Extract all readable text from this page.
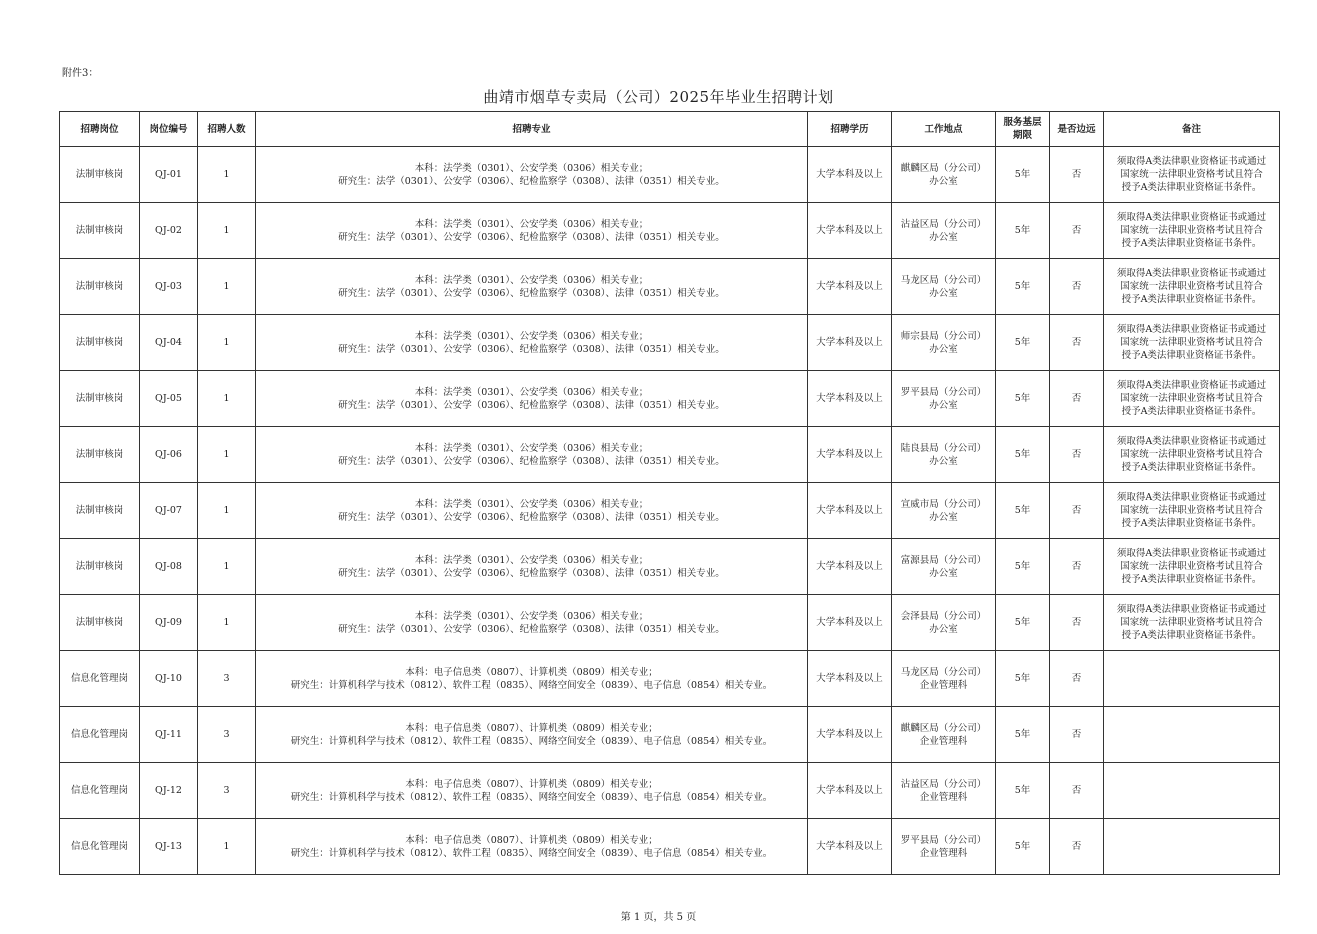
附件3：
曲靖市烟草专卖局（公司）2025年毕业生招聘计划
招聘岗位	岗位编号	招聘人数	招聘专业	招聘学历	工作地点	服务基层
期限	是否边远	备注
法制审核岗	QJ-01	1	本科：法学类（0301）、公安学类（0306）相关专业；
研究生：法学（0301）、公安学（0306）、纪检监察学（0308）、法律（0351）相关专业。	大学本科及以上	麒麟区局（分公司）
办公室	5年	否	须取得A类法律职业资格证书或通过
国家统一法律职业资格考试且符合
授予A类法律职业资格证书条件。

法制审核岗	QJ-02	1	本科：法学类（0301）、公安学类（0306）相关专业；
研究生：法学（0301）、公安学（0306）、纪检监察学（0308）、法律（0351）相关专业。	大学本科及以上	沾益区局（分公司）
办公室	5年	否	须取得A类法律职业资格证书或通过
国家统一法律职业资格考试且符合
授予A类法律职业资格证书条件。

法制审核岗	QJ-03	1	本科：法学类（0301）、公安学类（0306）相关专业；
研究生：法学（0301）、公安学（0306）、纪检监察学（0308）、法律（0351）相关专业。	大学本科及以上	马龙区局（分公司）
办公室	5年	否	须取得A类法律职业资格证书或通过
国家统一法律职业资格考试且符合
授予A类法律职业资格证书条件。

法制审核岗	QJ-04	1	本科：法学类（0301）、公安学类（0306）相关专业；
研究生：法学（0301）、公安学（0306）、纪检监察学（0308）、法律（0351）相关专业。	大学本科及以上	师宗县局（分公司）
办公室	5年	否	须取得A类法律职业资格证书或通过
国家统一法律职业资格考试且符合
授予A类法律职业资格证书条件。

法制审核岗	QJ-05	1	本科：法学类（0301）、公安学类（0306）相关专业；
研究生：法学（0301）、公安学（0306）、纪检监察学（0308）、法律（0351）相关专业。	大学本科及以上	罗平县局（分公司）
办公室	5年	否	须取得A类法律职业资格证书或通过
国家统一法律职业资格考试且符合
授予A类法律职业资格证书条件。

法制审核岗	QJ-06	1	本科：法学类（0301）、公安学类（0306）相关专业；
研究生：法学（0301）、公安学（0306）、纪检监察学（0308）、法律（0351）相关专业。	大学本科及以上	陆良县局（分公司）
办公室	5年	否	须取得A类法律职业资格证书或通过
国家统一法律职业资格考试且符合
授予A类法律职业资格证书条件。

法制审核岗	QJ-07	1	本科：法学类（0301）、公安学类（0306）相关专业；
研究生：法学（0301）、公安学（0306）、纪检监察学（0308）、法律（0351）相关专业。	大学本科及以上	宣威市局（分公司）
办公室	5年	否	须取得A类法律职业资格证书或通过
国家统一法律职业资格考试且符合
授予A类法律职业资格证书条件。

法制审核岗	QJ-08	1	本科：法学类（0301）、公安学类（0306）相关专业；
研究生：法学（0301）、公安学（0306）、纪检监察学（0308）、法律（0351）相关专业。	大学本科及以上	富源县局（分公司）
办公室	5年	否	须取得A类法律职业资格证书或通过
国家统一法律职业资格考试且符合
授予A类法律职业资格证书条件。

法制审核岗	QJ-09	1	本科：法学类（0301）、公安学类（0306）相关专业；
研究生：法学（0301）、公安学（0306）、纪检监察学（0308）、法律（0351）相关专业。	大学本科及以上	会泽县局（分公司）
办公室	5年	否	须取得A类法律职业资格证书或通过
国家统一法律职业资格考试且符合
授予A类法律职业资格证书条件。

信息化管理岗	QJ-10	3	本科：电子信息类（0807）、计算机类（0809）相关专业；
研究生：计算机科学与技术（0812）、软件工程（0835）、网络空间安全（0839）、电子信息（0854）相关专业。	大学本科及以上	马龙区局（分公司）
企业管理科	5年	否	

信息化管理岗	QJ-11	3	本科：电子信息类（0807）、计算机类（0809）相关专业；
研究生：计算机科学与技术（0812）、软件工程（0835）、网络空间安全（0839）、电子信息（0854）相关专业。	大学本科及以上	麒麟区局（分公司）
企业管理科	5年	否	

信息化管理岗	QJ-12	3	本科：电子信息类（0807）、计算机类（0809）相关专业；
研究生：计算机科学与技术（0812）、软件工程（0835）、网络空间安全（0839）、电子信息（0854）相关专业。	大学本科及以上	沾益区局（分公司）
企业管理科	5年	否	

信息化管理岗	QJ-13	1	本科：电子信息类（0807）、计算机类（0809）相关专业；
研究生：计算机科学与技术（0812）、软件工程（0835）、网络空间安全（0839）、电子信息（0854）相关专业。	大学本科及以上	罗平县局（分公司）
企业管理科	5年	否	
第 1 页，共 5 页
